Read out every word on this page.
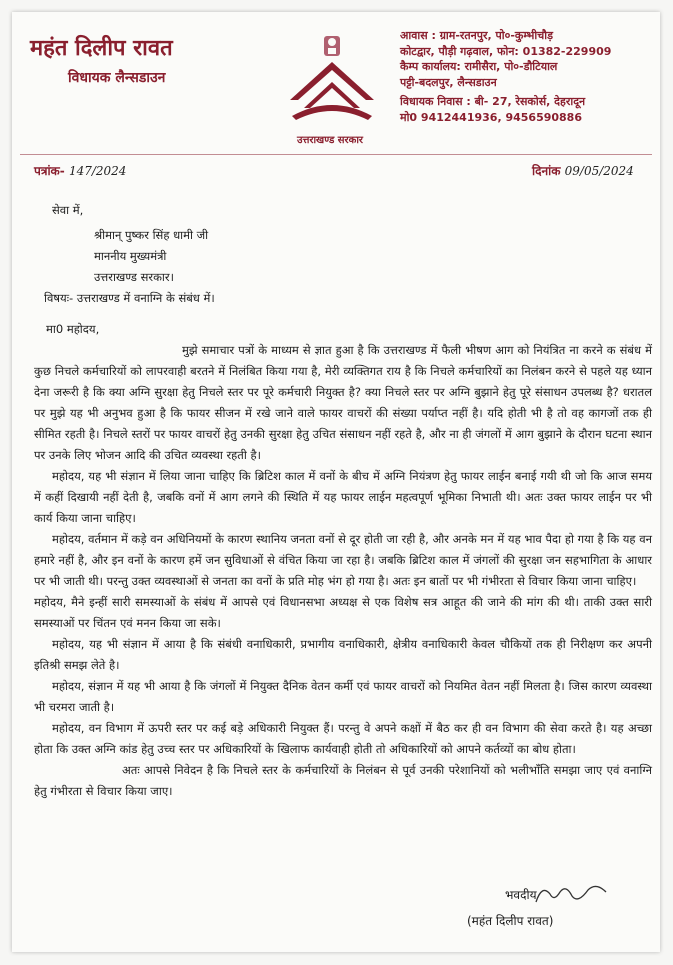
महंत दिलीप रावत
विधायक लैन्सडाउन
उत्तराखण्ड सरकार
आवास : ग्राम-रतनपुर, पो०-कुम्भीचौड़
कोटद्वार, पौड़ी गढ़वाल, फोन: 01382-229909
कैम्प कार्यालय: रामीसैरा, पो०-डौटियाल
पट्टी-बदलपुर, लैन्सडाउन
विधायक निवास : बी- 27, रेसकोर्स, देहरादून
मो0 9412441936, 9456590886
पत्रांक- 147/2024	दिनांक 09/05/2024
सेवा में,
श्रीमान् पुष्कर सिंह धामी जी
माननीय मुख्यमंत्री
उत्तराखण्ड सरकार।
विषयः- उत्तराखण्ड में वनाग्नि के संबंध में।
मा0 महोदय,
मुझे समाचार पत्रों के माध्यम से ज्ञात हुआ है कि उत्तराखण्ड में फैली भीषण आग को नियंत्रित ना करने क संबंध में कुछ निचले कर्मचारियों को लापरवाही बरतने में निलंबित किया गया है, मेरी व्यक्तिगत राय है कि निचले कर्मचारियों का निलंबन करने से पहले यह ध्यान देना जरूरी है कि क्या अग्नि सुरक्षा हेतु निचले स्तर पर पूरे कर्मचारी नियुक्त है? क्या निचले स्तर पर अग्नि बुझाने हेतु पूरे संसाधन उपलब्ध है? धरातल पर मुझे यह भी अनुभव हुआ है कि फायर सीजन में रखे जाने वाले फायर वाचरों की संख्या पर्याप्त नहीं है। यदि होती भी है तो वह कागजों तक ही सीमित रहती है। निचले स्तरों पर फायर वाचरों हेतु उनकी सुरक्षा हेतु उचित संसाधन नहीं रहते है, और ना ही जंगलों में आग बुझाने के दौरान घटना स्थान पर उनके लिए भोजन आदि की उचित व्यवस्था रहती है।
महोदय, यह भी संज्ञान में लिया जाना चाहिए कि ब्रिटिश काल में वनों के बीच में अग्नि नियंत्रण हेतु फायर लाईन बनाई गयी थी जो कि आज समय में कहीं दिखायी नहीं देती है, जबकि वनों में आग लगने की स्थिति में यह फायर लाईन महत्वपूर्ण भूमिका निभाती थी। अतः उक्त फायर लाईन पर भी कार्य किया जाना चाहिए।
महोदय, वर्तमान में कड़े वन अधिनियमों के कारण स्थानिय जनता वनों से दूर होती जा रही है, और अनके मन में यह भाव पैदा हो गया है कि यह वन हमारे नहीं है, और इन वनों के कारण हमें जन सुविधाओं से वंचित किया जा रहा है। जबकि ब्रिटिश काल में जंगलों की सुरक्षा जन सहभागिता के आधार पर भी जाती थी। परन्तु उक्त व्यवस्थाओं से जनता का वनों के प्रति मोह भंग हो गया है। अतः इन बातों पर भी गंभीरता से विचार किया जाना चाहिए।
महोदय, मैने इन्हीं सारी समस्याओं के संबंध में आपसे एवं विधानसभा अध्यक्ष से एक विशेष सत्र आहूत की जाने की मांग की थी। ताकी उक्त सारी समस्याओं पर चिंतन एवं मनन किया जा सके।
महोदय, यह भी संज्ञान में आया है कि संबंधी वनाधिकारी, प्रभागीय वनाधिकारी, क्षेत्रीय वनाधिकारी केवल चौकियों तक ही निरीक्षण कर अपनी इतिश्री समझ लेते है।
महोदय, संज्ञान में यह भी आया है कि जंगलों में नियुक्त दैनिक वेतन कर्मी एवं फायर वाचरों को नियमित वेतन नहीं मिलता है। जिस कारण व्यवस्था भी चरमरा जाती है।
महोदय, वन विभाग में ऊपरी स्तर पर कई बड़े अधिकारी नियुक्त हैं। परन्तु वे अपने कक्षों में बैठ कर ही वन विभाग की सेवा करते है। यह अच्छा होता कि उक्त अग्नि कांड हेतु उच्च स्तर पर अधिकारियों के खिलाफ कार्यवाही होती तो अधिकारियों को आपने कर्तव्यों का बोध होता।
अतः आपसे निवेदन है कि निचले स्तर के कर्मचारियों के निलंबन से पूर्व उनकी परेशानियों को भलीभाँति समझा जाए एवं वनाग्नि हेतु गंभीरता से विचार किया जाए।
भवदीय
(महंत दिलीप रावत)
